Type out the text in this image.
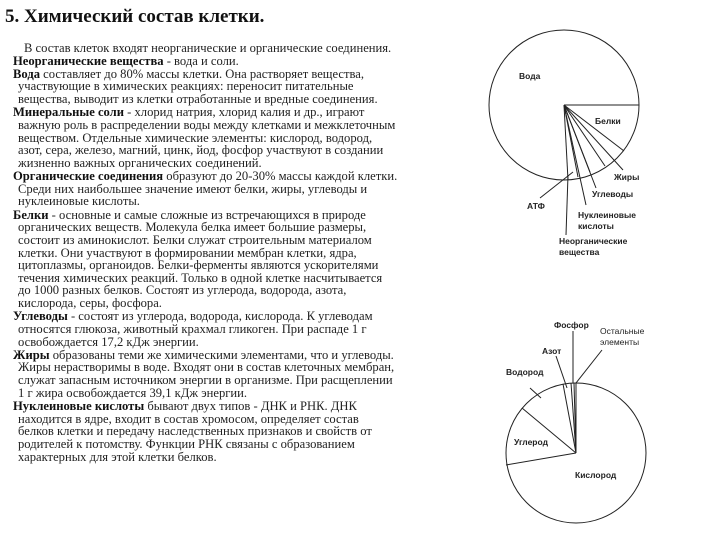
5. Химический состав клетки.
В состав клеток входят неорганические и органические соединения.
Неорганические вещества - вода и соли.
Вода составляет до 80% массы клетки. Она растворяет вещества,
участвующие в химических реакциях: переносит питательные
вещества, выводит из клетки отработанные и вредные соединения.
Минеральные соли - хлорид натрия, хлорид калия и др., играют
важную роль в распределении воды между клетками и межклеточным
веществом. Отдельные химические элементы: кислород, водород,
азот, сера, железо, магний, цинк, йод, фосфор участвуют в создании
жизненно важных органических соединений.
Органические соединения образуют до 20-30% массы каждой клетки.
Среди них наибольшее значение имеют белки, жиры, углеводы и
нуклеиновые кислоты.
Белки - основные и самые сложные из встречающихся в природе
органических веществ. Молекула белка имеет большие размеры,
состоит из аминокислот. Белки служат строительным материалом
клетки. Они участвуют в формировании мембран клетки, ядра,
цитоплазмы, органоидов. Белки-ферменты являются ускорителями
течения химических реакций. Только в одной клетке насчитывается
до 1000 разных белков. Состоят из углерода, водорода, азота,
кислорода, серы, фосфора.
Углеводы - состоят из углерода, водорода, кислорода. К углеводам
относятся глюкоза, животный крахмал гликоген. При распаде 1 г
освобождается 17,2 кДж энергии.
Жиры образованы теми же химическими элементами, что и углеводы.
Жиры нерастворимы в воде. Входят они в состав клеточных мембран,
служат запасным источником энергии в организме. При расщеплении
1 г жира освобождается 39,1 кДж энергии.
Нуклеиновые кислоты бывают двух типов - ДНК и РНК. ДНК
находится в ядре, входит в состав хромосом, определяет состав
белков клетки и передачу наследственных признаков и свойств от
родителей к потомству. Функции РНК связаны с образованием
характерных для этой клетки белков.
Вода
Белки
Жиры
Углеводы
АТФ
Нуклеиновые
кислоты
Неорганические
вещества
Фосфор
Остальные
элементы
Азот
Водород
Углерод
Кислород
